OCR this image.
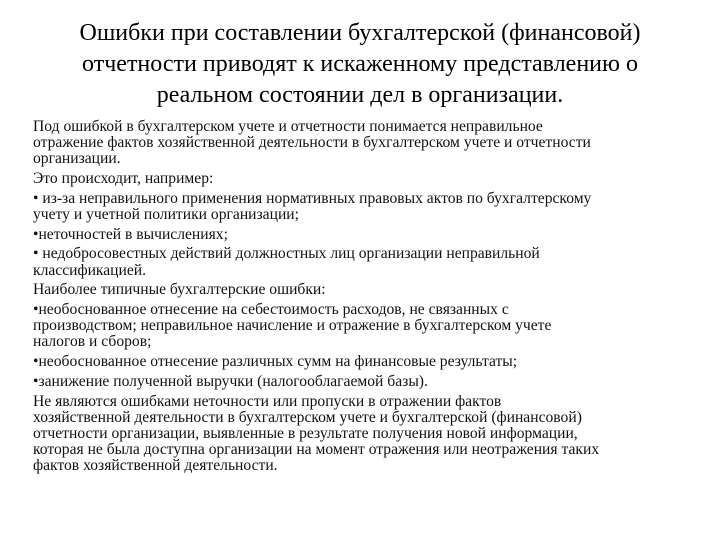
Ошибки при составлении бухгалтерской (финансовой)
отчетности приводят к искаженному представлению о
реальном состоянии дел в организации.
Под ошибкой в бухгалтерском учете и отчетности понимается неправильное
отражение фактов хозяйственной деятельности в бухгалтерском учете и отчетности
организации.
Это происходит, например:
• из-за неправильного применения нормативных правовых актов по бухгалтерскому
учету и учетной политики организации;
•неточностей в вычислениях;
• недобросовестных действий должностных лиц организации неправильной
классификацией.
Наиболее типичные бухгалтерские ошибки:
•необоснованное отнесение на себестоимость расходов, не связанных с
производством; неправильное начисление и отражение в бухгалтерском учете
налогов и сборов;
•необоснованное отнесение различных сумм на финансовые результаты;
•занижение полученной выручки (налогооблагаемой базы).
Не являются ошибками неточности или пропуски в отражении фактов
хозяйственной деятельности в бухгалтерском учете и бухгалтерской (финансовой)
отчетности организации, выявленные в результате получения новой информации,
которая не была доступна организации на момент отражения или неотражения таких
фактов хозяйственной деятельности.
